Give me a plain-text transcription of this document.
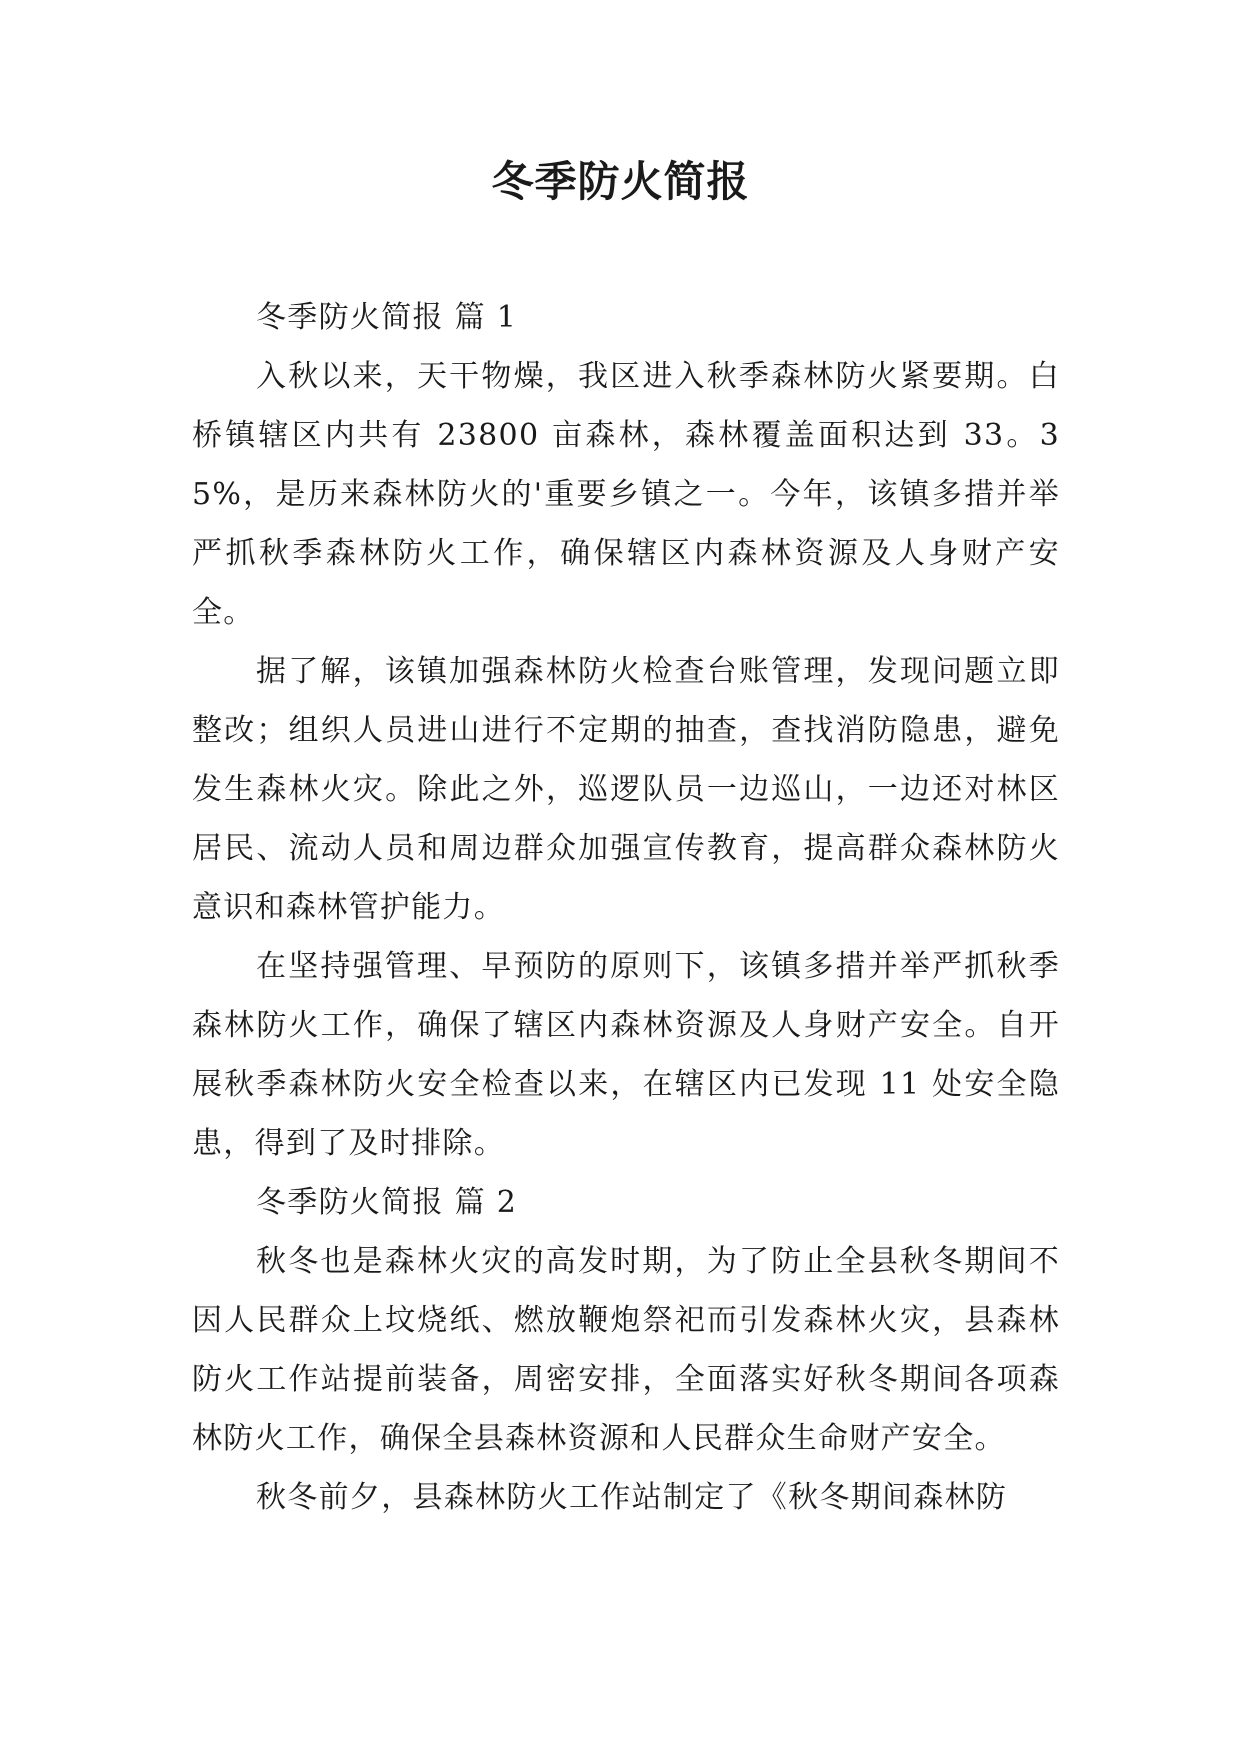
冬季防火简报

冬季防火简报 篇 1

入秋以来，天干物燥，我区进入秋季森林防火紧要期。白桥镇辖区内共有 23800 亩森林，森林覆盖面积达到 33。35%，是历来森林防火的'重要乡镇之一。今年，该镇多措并举严抓秋季森林防火工作，确保辖区内森林资源及人身财产安全。

据了解，该镇加强森林防火检查台账管理，发现问题立即整改；组织人员进山进行不定期的抽查，查找消防隐患，避免发生森林火灾。除此之外，巡逻队员一边巡山，一边还对林区居民、流动人员和周边群众加强宣传教育，提高群众森林防火意识和森林管护能力。

在坚持强管理、早预防的原则下，该镇多措并举严抓秋季森林防火工作，确保了辖区内森林资源及人身财产安全。自开展秋季森林防火安全检查以来，在辖区内已发现 11 处安全隐患，得到了及时排除。

冬季防火简报 篇 2

秋冬也是森林火灾的高发时期，为了防止全县秋冬期间不因人民群众上坟烧纸、燃放鞭炮祭祀而引发森林火灾，县森林防火工作站提前装备，周密安排，全面落实好秋冬期间各项森林防火工作，确保全县森林资源和人民群众生命财产安全。

秋冬前夕，县森林防火工作站制定了《秋冬期间森林防
